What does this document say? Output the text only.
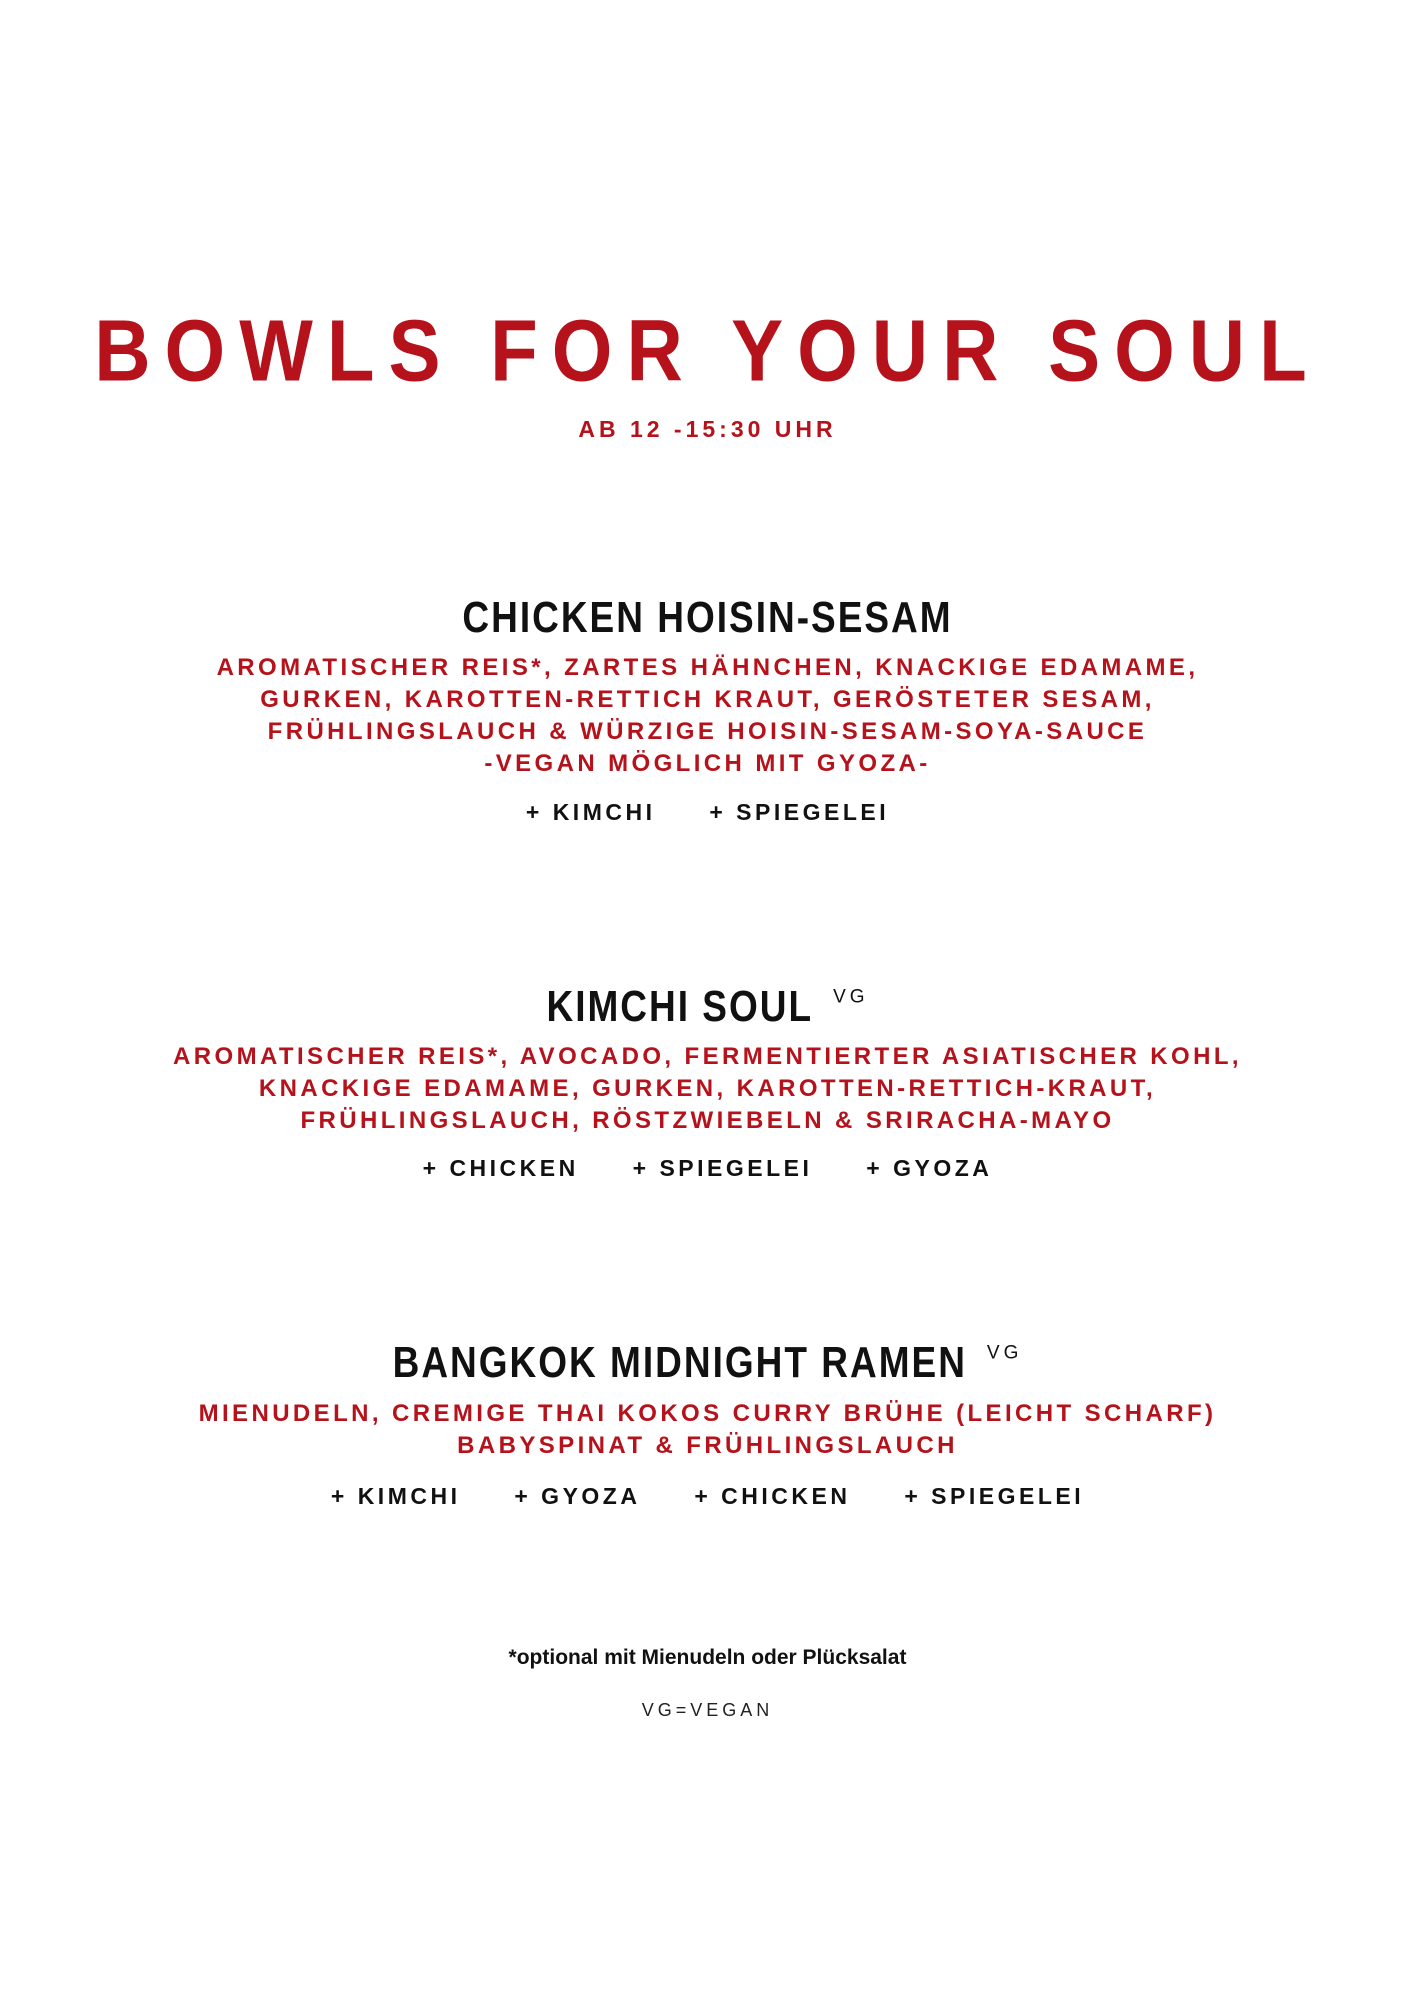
BOWLS FOR YOUR SOUL
AB 12 -15:30 UHR
CHICKEN HOISIN-SESAM
AROMATISCHER REIS*, ZARTES HÄHNCHEN, KNACKIGE EDAMAME,
GURKEN, KAROTTEN-RETTICH KRAUT, GERÖSTETER SESAM,
FRÜHLINGSLAUCH & WÜRZIGE HOISIN-SESAM-SOYA-SAUCE
-VEGAN MÖGLICH MIT GYOZA-
+ KIMCHI + SPIEGELEI
KIMCHI SOUL VG
AROMATISCHER REIS*, AVOCADO, FERMENTIERTER ASIATISCHER KOHL,
KNACKIGE EDAMAME, GURKEN, KAROTTEN-RETTICH-KRAUT,
FRÜHLINGSLAUCH, RÖSTZWIEBELN & SRIRACHA-MAYO
+ CHICKEN + SPIEGELEI + GYOZA
BANGKOK MIDNIGHT RAMEN VG
MIENUDELN, CREMIGE THAI KOKOS CURRY BRÜHE (LEICHT SCHARF)
BABYSPINAT & FRÜHLINGSLAUCH
+ KIMCHI + GYOZA + CHICKEN + SPIEGELEI
*optional mit Mienudeln oder Plücksalat
VG=VEGAN
